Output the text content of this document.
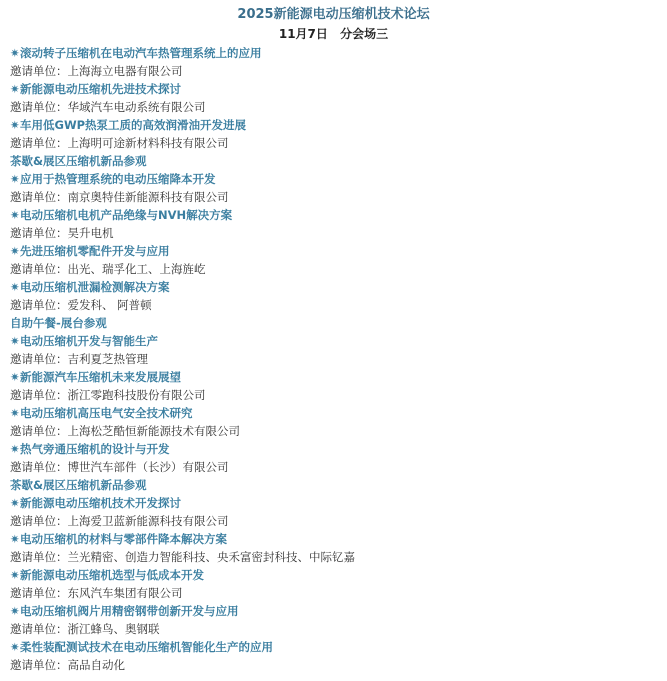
2025新能源电动压缩机技术论坛
11月7日 分会场三
✷滚动转子压缩机在电动汽车热管理系统上的应用
邀请单位：上海海立电器有限公司
✷新能源电动压缩机先进技术探讨
邀请单位：华域汽车电动系统有限公司
✷车用低GWP热泵工质的高效润滑油开发进展
邀请单位：上海明可途新材料科技有限公司
茶歇&展区压缩机新品参观
✷应用于热管理系统的电动压缩降本开发
邀请单位：南京奥特佳新能源科技有限公司
✷电动压缩机电机产品绝缘与NVH解决方案
邀请单位：昊升电机
✷先进压缩机零配件开发与应用
邀请单位：出光、瑞孚化工、上海旌屹
✷电动压缩机泄漏检测解决方案
邀请单位：爱发科、 阿普顿
自助午餐-展台参观
✷电动压缩机开发与智能生产
邀请单位：吉利夏芝热管理
✷新能源汽车压缩机未来发展展望
邀请单位：浙江零跑科技股份有限公司
✷电动压缩机高压电气安全技术研究
邀请单位：上海松芝酷恒新能源技术有限公司
✷热气旁通压缩机的设计与开发
邀请单位：博世汽车部件（长沙）有限公司
茶歇&展区压缩机新品参观
✷新能源电动压缩机技术开发探讨
邀请单位：上海爱卫蓝新能源科技有限公司
✷电动压缩机的材料与零部件降本解决方案
邀请单位：兰光精密、创造力智能科技、央禾富密封科技、中际钇嘉
✷新能源电动压缩机选型与低成本开发
邀请单位：东风汽车集团有限公司
✷电动压缩机阀片用精密钢带创新开发与应用
邀请单位：浙江蜂鸟、奥钢联
✷柔性装配测试技术在电动压缩机智能化生产的应用
邀请单位：高品自动化
